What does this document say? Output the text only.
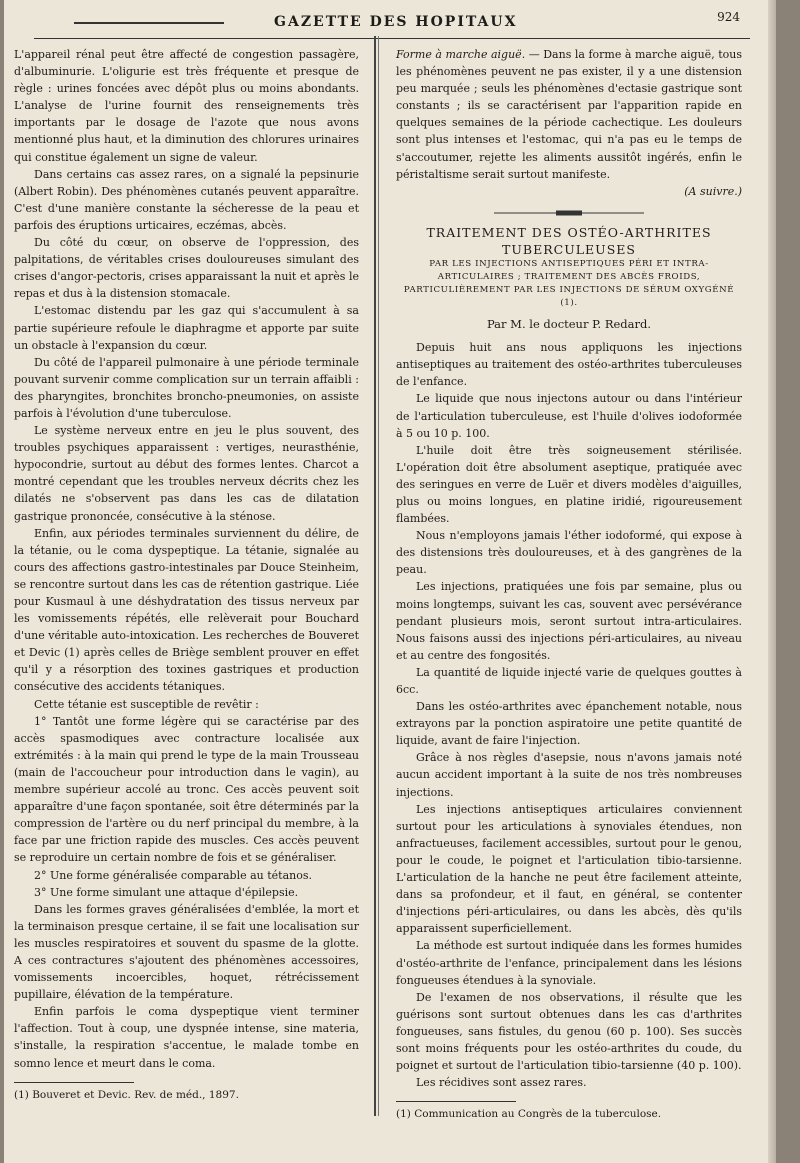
GAZETTE DES HOPITAUX	924

L'appareil rénal peut être affecté de congestion passagère, d'albuminurie. L'oligurie est très fréquente et presque de règle : urines foncées avec dépôt plus ou moins abondants. L'analyse de l'urine fournit des renseignements très importants par le dosage de l'azote que nous avons mentionné plus haut, et la diminution des chlorures urinaires qui constitue également un signe de valeur.

Dans certains cas assez rares, on a signalé la pepsinurie (Albert Robin). Des phénomènes cutanés peuvent apparaître. C'est d'une manière constante la sécheresse de la peau et parfois des éruptions urticaires, eczémas, abcès.

Du côté du cœur, on observe de l'oppression, des palpitations, de véritables crises douloureuses simulant des crises d'angor-pectoris, crises apparaissant la nuit et après le repas et dus à la distension stomacale.

L'estomac distendu par les gaz qui s'accumulent à sa partie supérieure refoule le diaphragme et apporte par suite un obstacle à l'expansion du cœur.

Du côté de l'appareil pulmonaire à une période terminale pouvant survenir comme complication sur un terrain affaibli : des pharyngites, bronchites broncho-pneumonies, on assiste parfois à l'évolution d'une tuberculose.

Le système nerveux entre en jeu le plus souvent, des troubles psychiques apparaissent : vertiges, neurasthénie, hypocondrie, surtout au début des formes lentes. Charcot a montré cependant que les troubles nerveux décrits chez les dilatés ne s'observent pas dans les cas de dilatation gastrique prononcée, consécutive à la sténose.

Enfin, aux périodes terminales surviennent du délire, de la tétanie, ou le coma dyspeptique. La tétanie, signalée au cours des affections gastro-intestinales par Douce Steinheim, se rencontre surtout dans les cas de rétention gastrique. Liée pour Kusmaul à une déshydratation des tissus nerveux par les vomissements répétés, elle relèverait pour Bouchard d'une véritable auto-intoxication. Les recherches de Bouveret et Devic (1) après celles de Briège semblent prouver en effet qu'il y a résorption des toxines gastriques et production consécutive des accidents tétaniques.

Cette tétanie est susceptible de revêtir :

1° Tantôt une forme légère qui se caractérise par des accès spasmodiques avec contracture localisée aux extrémités : à la main qui prend le type de la main Trousseau (main de l'accoucheur pour introduction dans le vagin), au membre supérieur accolé au tronc. Ces accès peuvent soit apparaître d'une façon spontanée, soit être déterminés par la compression de l'artère ou du nerf principal du membre, à la face par une friction rapide des muscles. Ces accès peuvent se reproduire un certain nombre de fois et se généraliser.

2° Une forme généralisée comparable au tétanos.

3° Une forme simulant une attaque d'épilepsie.

Dans les formes graves généralisées d'emblée, la mort et la terminaison presque certaine, il se fait une localisation sur les muscles respiratoires et souvent du spasme de la glotte. A ces contractures s'ajoutent des phénomènes accessoires, vomissements incoercibles, hoquet, rétrécissement pupillaire, élévation de la température.

Enfin parfois le coma dyspeptique vient terminer l'affection. Tout à coup, une dyspnée intense, sine materia, s'installe, la respiration s'accentue, le malade tombe en somno lence et meurt dans le coma.

(1) Bouveret et Devic. Rev. de méd., 1897.

Forme à marche aiguë. — Dans la forme à marche aiguë, tous les phénomènes peuvent ne pas exister, il y a une distension peu marquée ; seuls les phénomènes d'ectasie gastrique sont constants ; ils se caractérisent par l'apparition rapide en quelques semaines de la période cachectique. Les douleurs sont plus intenses et l'estomac, qui n'a pas eu le temps de s'accoutumer, rejette les aliments aussitôt ingérés, enfin le péristaltisme serait surtout manifeste.

(A suivre.)

TRAITEMENT DES OSTÉO-ARTHRITES TUBERCULEUSES

PAR LES INJECTIONS ANTISEPTIQUES PÉRI ET INTRA-ARTICULAIRES ; TRAITEMENT DES ABCÈS FROIDS, PARTICULIÈREMENT PAR LES INJECTIONS DE SÉRUM OXYGÉNÉ (1).

Par M. le docteur P. Redard.

Depuis huit ans nous appliquons les injections antiseptiques au traitement des ostéo-arthrites tuberculeuses de l'enfance.

Le liquide que nous injectons autour ou dans l'intérieur de l'articulation tuberculeuse, est l'huile d'olives iodoformée à 5 ou 10 p. 100.

L'huile doit être très soigneusement stérilisée. L'opération doit être absolument aseptique, pratiquée avec des seringues en verre de Luër et divers modèles d'aiguilles, plus ou moins longues, en platine iridié, rigoureusement flambées.

Nous n'employons jamais l'éther iodoformé, qui expose à des distensions très douloureuses, et à des gangrènes de la peau.

Les injections, pratiquées une fois par semaine, plus ou moins longtemps, suivant les cas, souvent avec persévérance pendant plusieurs mois, seront surtout intra-articulaires. Nous faisons aussi des injections péri-articulaires, au niveau et au centre des fongosités.

La quantité de liquide injecté varie de quelques gouttes à 6cc.

Dans les ostéo-arthrites avec épanchement notable, nous extrayons par la ponction aspiratoire une petite quantité de liquide, avant de faire l'injection.

Grâce à nos règles d'asepsie, nous n'avons jamais noté aucun accident important à la suite de nos très nombreuses injections.

Les injections antiseptiques articulaires conviennent surtout pour les articulations à synoviales étendues, non anfractueuses, facilement accessibles, surtout pour le genou, pour le coude, le poignet et l'articulation tibio-tarsienne. L'articulation de la hanche ne peut être facilement atteinte, dans sa profondeur, et il faut, en général, se contenter d'injections péri-articulaires, ou dans les abcès, dès qu'ils apparaissent superficiellement.

La méthode est surtout indiquée dans les formes humides d'ostéo-arthrite de l'enfance, principalement dans les lésions fongueuses étendues à la synoviale.

De l'examen de nos observations, il résulte que les guérisons sont surtout obtenues dans les cas d'arthrites fongueuses, sans fistules, du genou (60 p. 100). Ses succès sont moins fréquents pour les ostéo-arthrites du coude, du poignet et surtout de l'articulation tibio-tarsienne (40 p. 100).

Les récidives sont assez rares.

(1) Communication au Congrès de la tuberculose.
